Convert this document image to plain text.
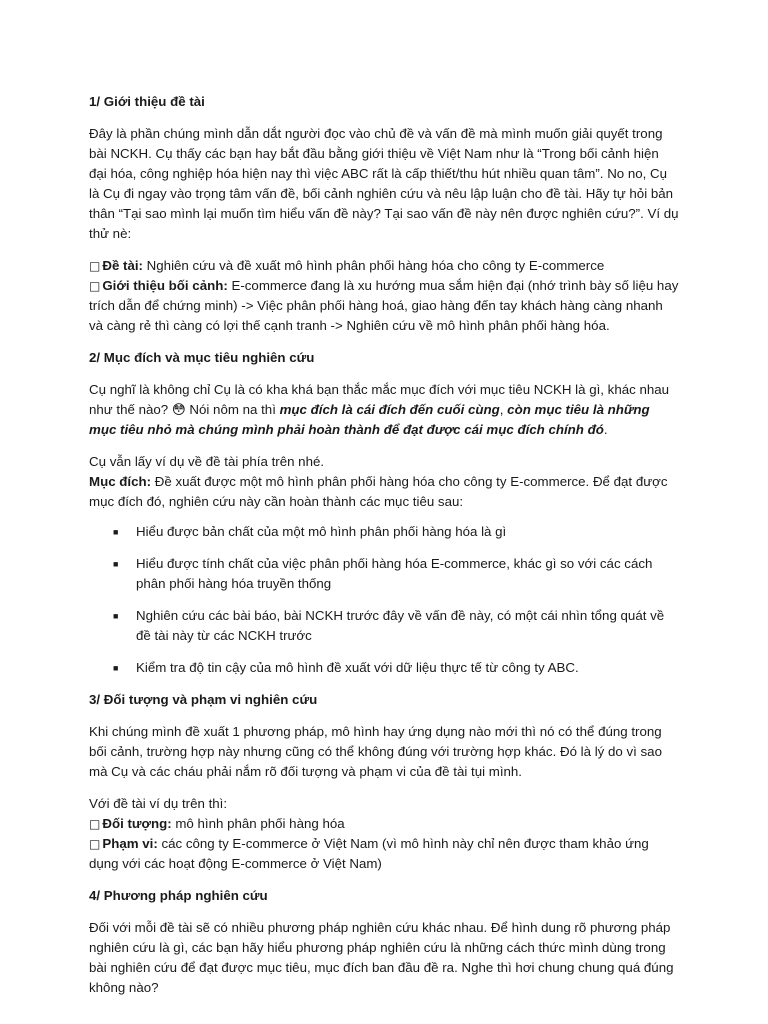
1/ Giới thiệu đề tài

Đây là phần chúng mình dẫn dắt người đọc vào chủ đề và vấn đề mà mình muốn giải quyết trong bài NCKH. Cụ thấy các bạn hay bắt đầu bằng giới thiệu về Việt Nam như là “Trong bối cảnh hiện đại hóa, công nghiệp hóa hiện nay thì việc ABC rất là cấp thiết/thu hút nhiều quan tâm”. No no, Cụ là Cụ đi ngay vào trọng tâm vấn đề, bối cảnh nghiên cứu và nêu lập luận cho đề tài. Hãy tự hỏi bản thân “Tại sao mình lại muốn tìm hiểu vấn đề này? Tại sao vấn đề này nên được nghiên cứu?”. Ví dụ thử nè:

□ Đề tài: Nghiên cứu và đề xuất mô hình phân phối hàng hóa cho công ty E-commerce
□ Giới thiệu bối cảnh: E-commerce đang là xu hướng mua sắm hiện đại (nhớ trình bày số liệu hay trích dẫn để chứng minh) -> Việc phân phối hàng hoá, giao hàng đến tay khách hàng càng nhanh và càng rẻ thì càng có lợi thế cạnh tranh -> Nghiên cứu về mô hình phân phối hàng hóa.

2/ Mục đích và mục tiêu nghiên cứu

Cụ nghĩ là không chỉ Cụ là có kha khá bạn thắc mắc mục đích với mục tiêu NCKH là gì, khác nhau như thế nào? 😳 Nói nôm na thì mục đích là cái đích đến cuối cùng, còn mục tiêu là những mục tiêu nhỏ mà chúng mình phải hoàn thành để đạt được cái mục đích chính đó.

Cụ vẫn lấy ví dụ về đề tài phía trên nhé.
Mục đích: Đề xuất được một mô hình phân phối hàng hóa cho công ty E-commerce. Để đạt được mục đích đó, nghiên cứu này cần hoàn thành các mục tiêu sau:

■ Hiểu được bản chất của một mô hình phân phối hàng hóa là gì
■ Hiểu được tính chất của việc phân phối hàng hóa E-commerce, khác gì so với các cách phân phối hàng hóa truyền thống
■ Nghiên cứu các bài báo, bài NCKH trước đây về vấn đề này, có một cái nhìn tổng quát về đề tài này từ các NCKH trước
■ Kiểm tra độ tin cậy của mô hình đề xuất với dữ liệu thực tế từ công ty ABC.
3/ Đối tượng và phạm vi nghiên cứu

Khi chúng mình đề xuất 1 phương pháp, mô hình hay ứng dụng nào mới thì nó có thể đúng trong bối cảnh, trường hợp này nhưng cũng có thể không đúng với trường hợp khác. Đó là lý do vì sao mà Cụ và các cháu phải nắm rõ đối tượng và phạm vi của đề tài tụi mình.

Với đề tài ví dụ trên thì:
□ Đối tượng: mô hình phân phối hàng hóa
□ Phạm vi: các công ty E-commerce ở Việt Nam (vì mô hình này chỉ nên được tham khảo ứng dụng với các hoạt động E-commerce ở Việt Nam)

4/ Phương pháp nghiên cứu

Đối với mỗi đề tài sẽ có nhiều phương pháp nghiên cứu khác nhau. Để hình dung rõ phương pháp nghiên cứu là gì, các bạn hãy hiểu phương pháp nghiên cứu là những cách thức mình dùng trong bài nghiên cứu để đạt được mục tiêu, mục đích ban đầu đề ra. Nghe thì hơi chung chung quá đúng không nào?
